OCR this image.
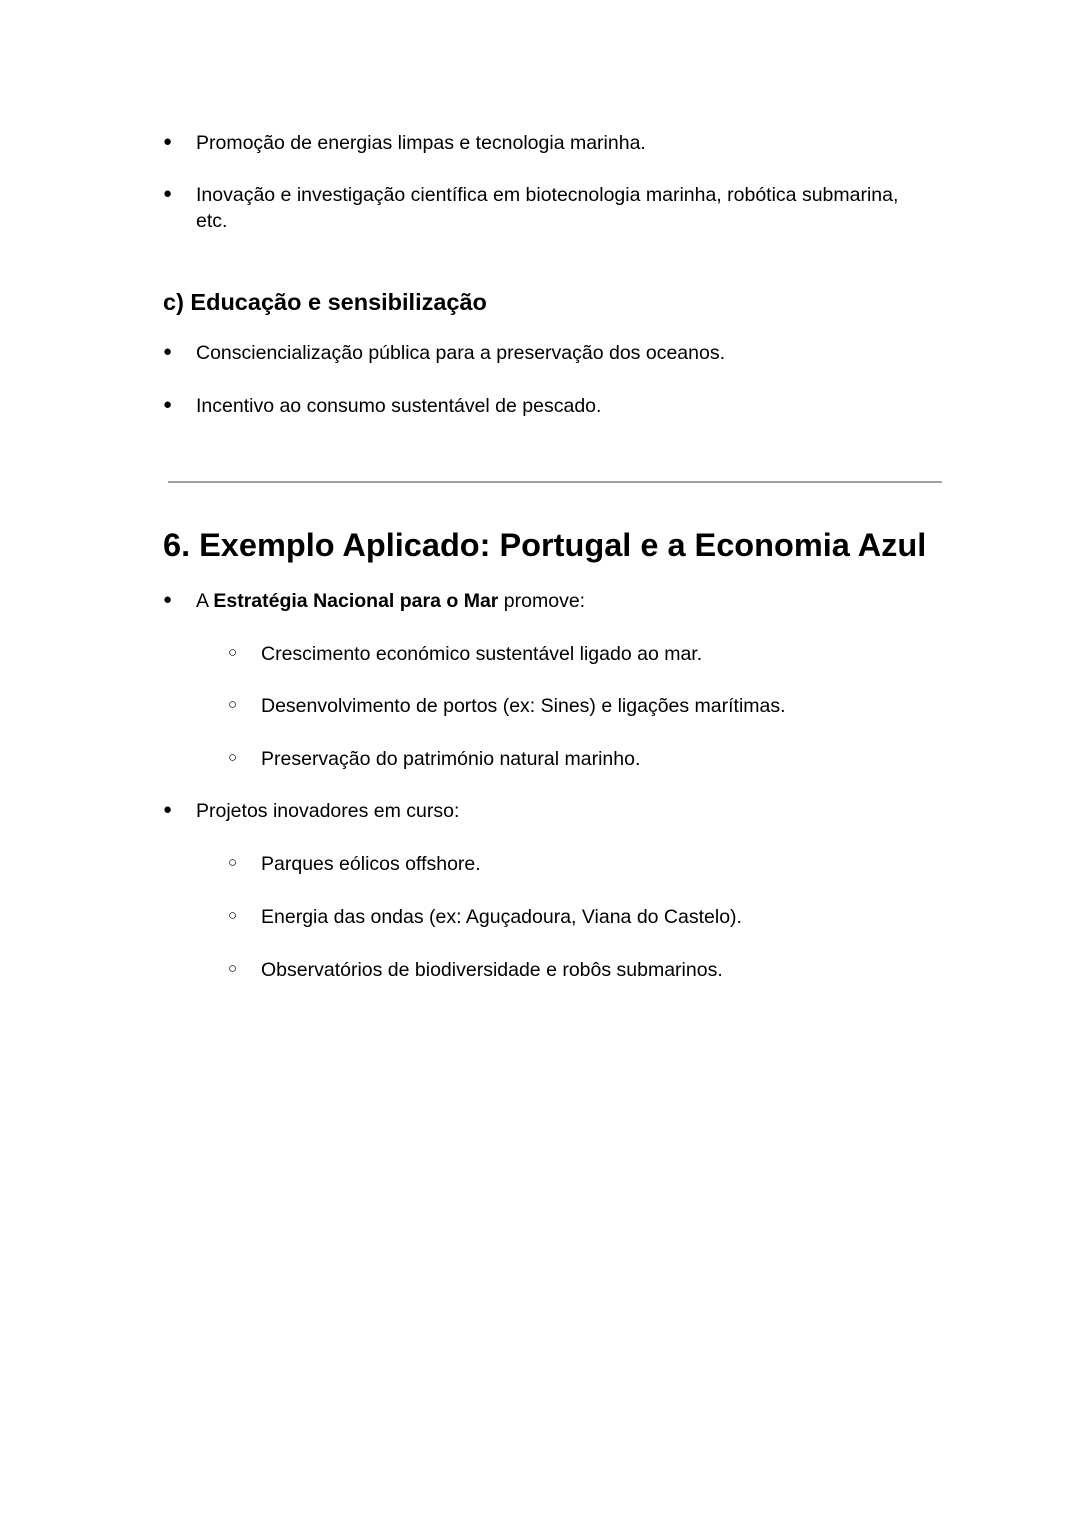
● Promoção de energias limpas e tecnologia marinha.
● Inovação e investigação científica em biotecnologia marinha, robótica submarina,
etc.
c) Educação e sensibilização
● Consciencialização pública para a preservação dos oceanos.
● Incentivo ao consumo sustentável de pescado.
6. Exemplo Aplicado: Portugal e a Economia Azul
● A Estratégia Nacional para o Mar promove:
○ Crescimento económico sustentável ligado ao mar.
○ Desenvolvimento de portos (ex: Sines) e ligações marítimas.
○ Preservação do património natural marinho.
● Projetos inovadores em curso:
○ Parques eólicos offshore.
○ Energia das ondas (ex: Aguçadoura, Viana do Castelo).
○ Observatórios de biodiversidade e robôs submarinos.
